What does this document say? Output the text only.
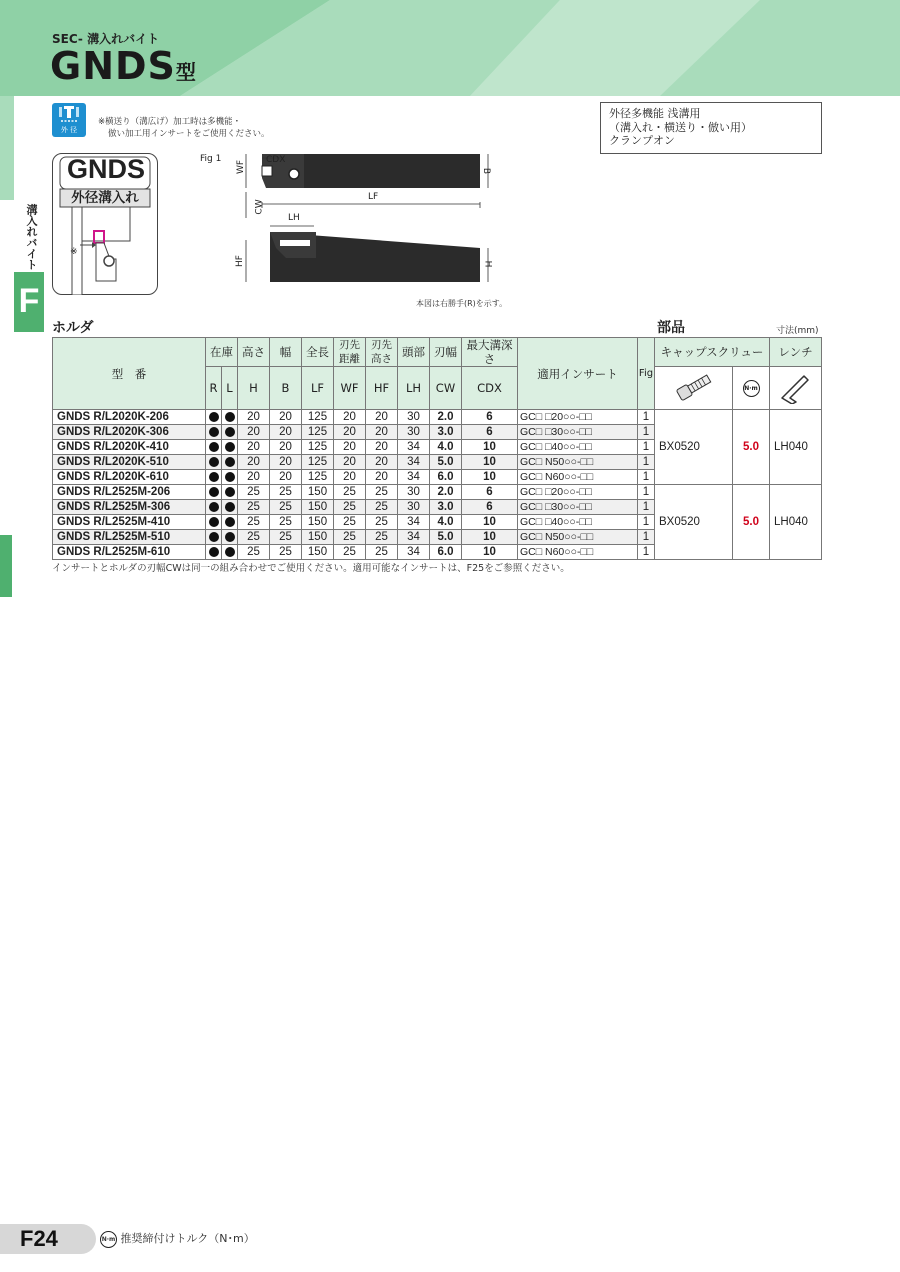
SEC- 溝入れバイト
GNDS型
溝入れバイト
F
外 径
※横送り（溝広げ）加工時は多機能・
倣い加工用インサートをご使用ください。
外径多機能 浅溝用
（溝入れ・横送り・倣い用）
クランプオン
GNDS
外径溝入れ
※
Fig 1
WF CDX
B
LF
CW
LH
HF	H
本図は右勝手(R)を示す。
ホルダ	部品	寸法(mm)
型　番	在庫		高さ	幅	全長	刃先距離	刃先高さ	頭部	刃幅	最大溝深さ	適用インサート	Fig	キャップスクリュー		レンチ
	R	L	H	B	LF	WF	HF	LH	CW	CDX				N·m	
GNDS R/L2020K-206			20	20	125	20	20	30	2.0	6	GC□ □20○○-□□	1	BX0520	5.0	LH040
GNDS R/L2020K-306			20	20	125	20	20	30	3.0	6	GC□ □30○○-□□	1			
GNDS R/L2020K-410			20	20	125	20	20	34	4.0	10	GC□ □40○○-□□	1			
GNDS R/L2020K-510			20	20	125	20	20	34	5.0	10	GC□ N50○○-□□	1			
GNDS R/L2020K-610			20	20	125	20	20	34	6.0	10	GC□ N60○○-□□	1			
GNDS R/L2525M-206			25	25	150	25	25	30	2.0	6	GC□ □20○○-□□	1	BX0520	5.0	LH040
GNDS R/L2525M-306			25	25	150	25	25	30	3.0	6	GC□ □30○○-□□	1			
GNDS R/L2525M-410			25	25	150	25	25	34	4.0	10	GC□ □40○○-□□	1			
GNDS R/L2525M-510			25	25	150	25	25	34	5.0	10	GC□ N50○○-□□	1			
GNDS R/L2525M-610			25	25	150	25	25	34	6.0	10	GC□ N60○○-□□	1			
インサートとホルダの刃幅CWは同一の組み合わせでご使用ください。適用可能なインサートは、F25をご参照ください。
F24	N·m 推奨締付けトルク（N･m）
